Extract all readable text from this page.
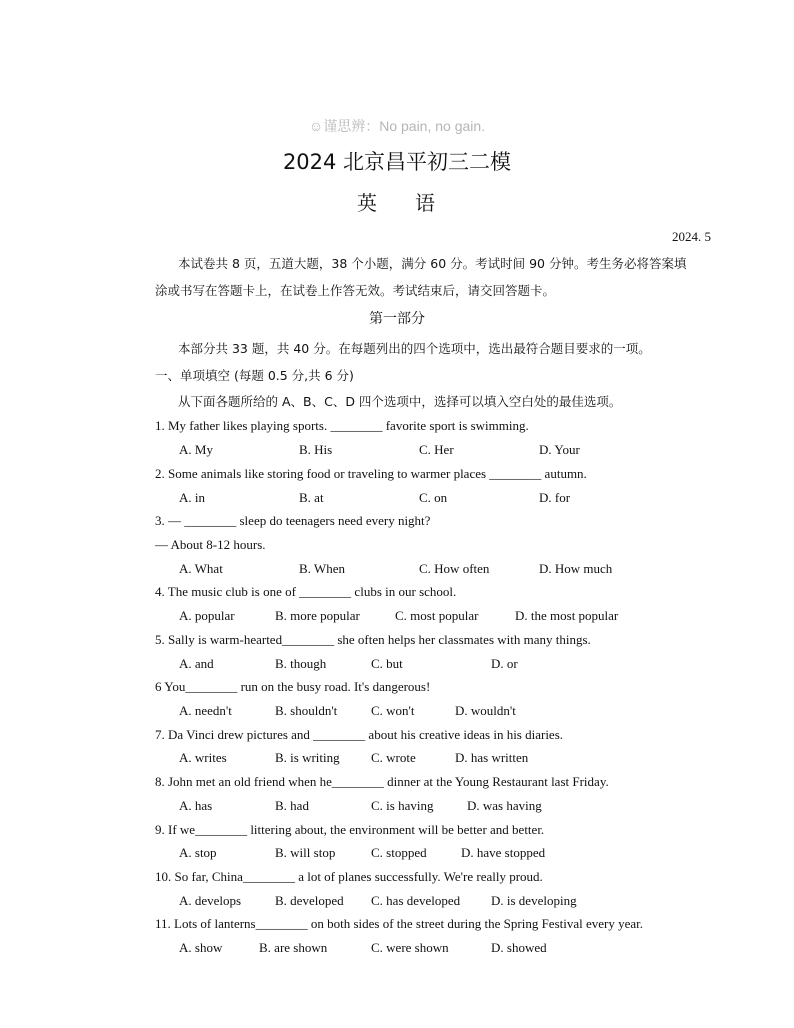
☺谨思辨：No pain, no gain.
2024 北京昌平初三二模
英 语
2024. 5
本试卷共 8 页，五道大题，38 个小题，满分 60 分。考试时间 90 分钟。考生务必将答案填
涂或书写在答题卡上，在试卷上作答无效。考试结束后，请交回答题卡。
第一部分
本部分共 33 题，共 40 分。在每题列出的四个选项中，选出最符合题目要求的一项。
一、单项填空 (每题 0.5 分,共 6 分)
从下面各题所给的 A、B、C、D 四个选项中，选择可以填入空白处的最佳选项。
1. My father likes playing sports. ________ favorite sport is swimming.
A. My	B. His	C. Her	D. Your
2. Some animals like storing food or traveling to warmer places ________ autumn.
A. in	B. at	C. on	D. for
3. — ________ sleep do teenagers need every night?
— About 8-12 hours.
A. What	B. When	C. How often	D. How much
4. The music club is one of ________ clubs in our school.
A. popular	B. more popular	C. most popular	D. the most popular
5. Sally is warm-hearted________ she often helps her classmates with many things.
A. and	B. though	C. but	D. or
6 You________ run on the busy road. It's dangerous!
A. needn't	B. shouldn't	C. won't	D. wouldn't
7. Da Vinci drew pictures and ________ about his creative ideas in his diaries.
A. writes	B. is writing C. wrote	D. has written
8. John met an old friend when he________ dinner at the Young Restaurant last Friday.
A. has	B. had	C. is having	D. was having
9. If we________ littering about, the environment will be better and better.
A. stop	B. will stop	C. stopped	D. have stopped
10. So far, China________ a lot of planes successfully. We're really proud.
A. develops	B. developed C. has developed D. is developing
11. Lots of lanterns________ on both sides of the street during the Spring Festival every year.
A. show	B. are shown	C. were shown	D. showed
